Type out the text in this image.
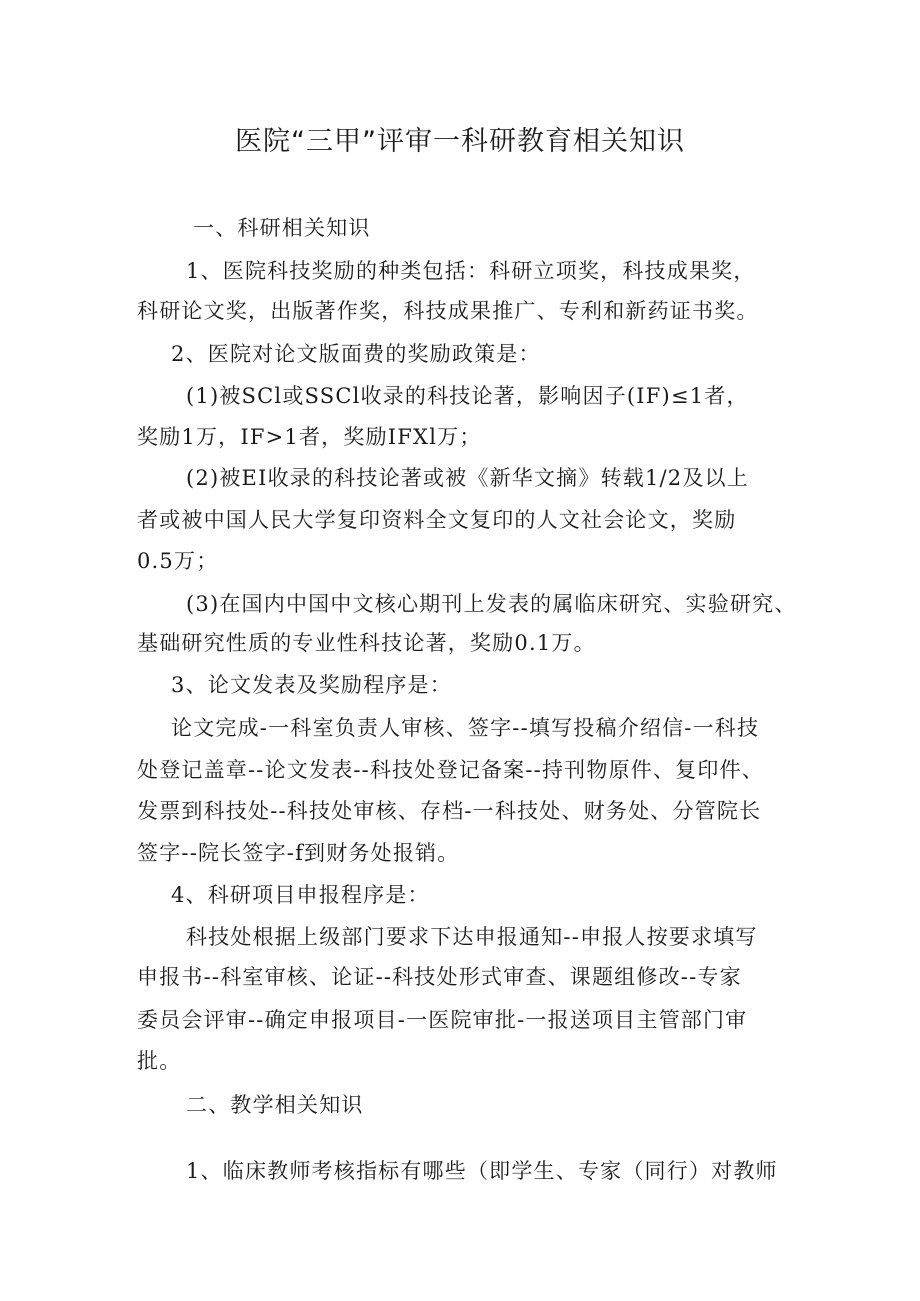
医院“三甲”评审一科研教育相关知识
一、科研相关知识
1、医院科技奖励的种类包括：科研立项奖，科技成果奖，
科研论文奖，出版著作奖，科技成果推广、专利和新药证书奖。
2、医院对论文版面费的奖励政策是：
(1)被SCl或SSCl收录的科技论著，影响因子(IF)≤1者，
奖励1万，IF>1者，奖励IFXl万；
(2)被EI收录的科技论著或被《新华文摘》转载1/2及以上
者或被中国人民大学复印资料全文复印的人文社会论文，奖励
0.5万；
(3)在国内中国中文核心期刊上发表的属临床研究、实验研究、
基础研究性质的专业性科技论著，奖励0.1万。
3、论文发表及奖励程序是：
论文完成-一科室负责人审核、签字--填写投稿介绍信-一科技
处登记盖章--论文发表--科技处登记备案--持刊物原件、复印件、
发票到科技处--科技处审核、存档-一科技处、财务处、分管院长
签字--院长签字-f到财务处报销。
4、科研项目申报程序是：
科技处根据上级部门要求下达申报通知--申报人按要求填写
申报书--科室审核、论证--科技处形式审查、课题组修改--专家
委员会评审--确定申报项目-一医院审批-一报送项目主管部门审
批。
二、教学相关知识
1、临床教师考核指标有哪些（即学生、专家（同行）对教师
